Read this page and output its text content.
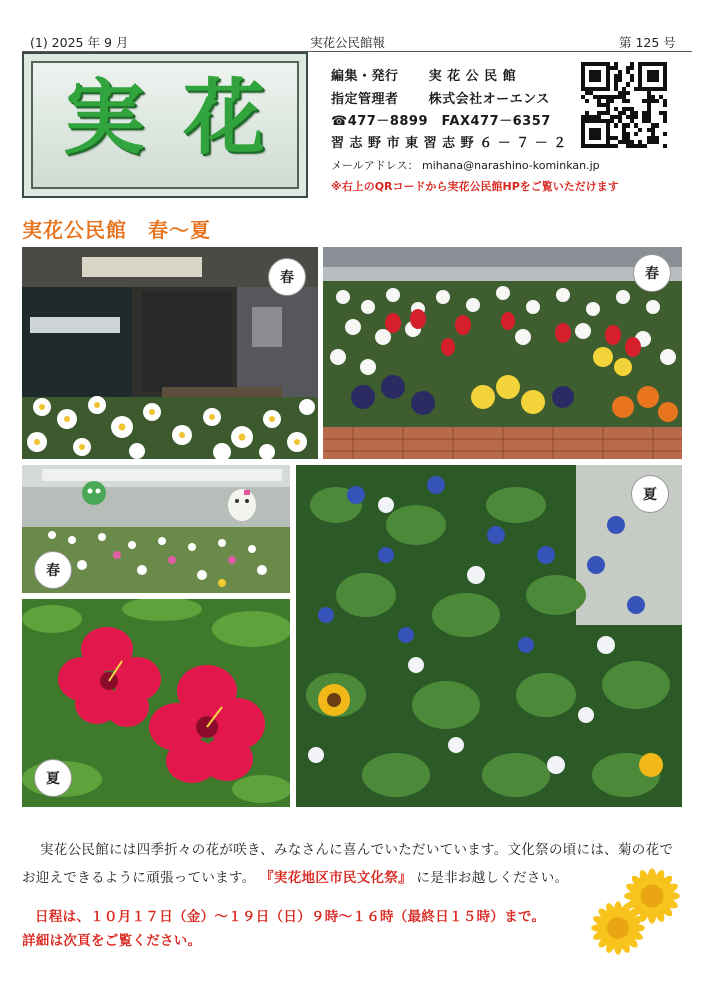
(1) 2025 年 9 月	実花公民館報	第 125 号
実 花	編集・発行 実 花 公 民 館
指定管理者 株式会社オーエンス
☎477－8899　FAX477－6357
習 志 野 市 東 習 志 野 ６ － ７ － ２
メールアドレス： mihana@narashino-kominkan.jp
※右上のQRコードから実花公民館HPをご覧いただけます
実花公民館　春～夏
春	春
春
夏
夏
実花公民館には四季折々の花が咲き、みなさんに喜んでいただいています。文化祭の頃には、菊の花で
お迎えできるように頑張っています。 『実花地区市民文化祭』 に是非お越しください。
日程は、１０月１７日（金）～１９日（日）９時～１６時（最終日１５時）まで。
詳細は次頁をご覧ください。
